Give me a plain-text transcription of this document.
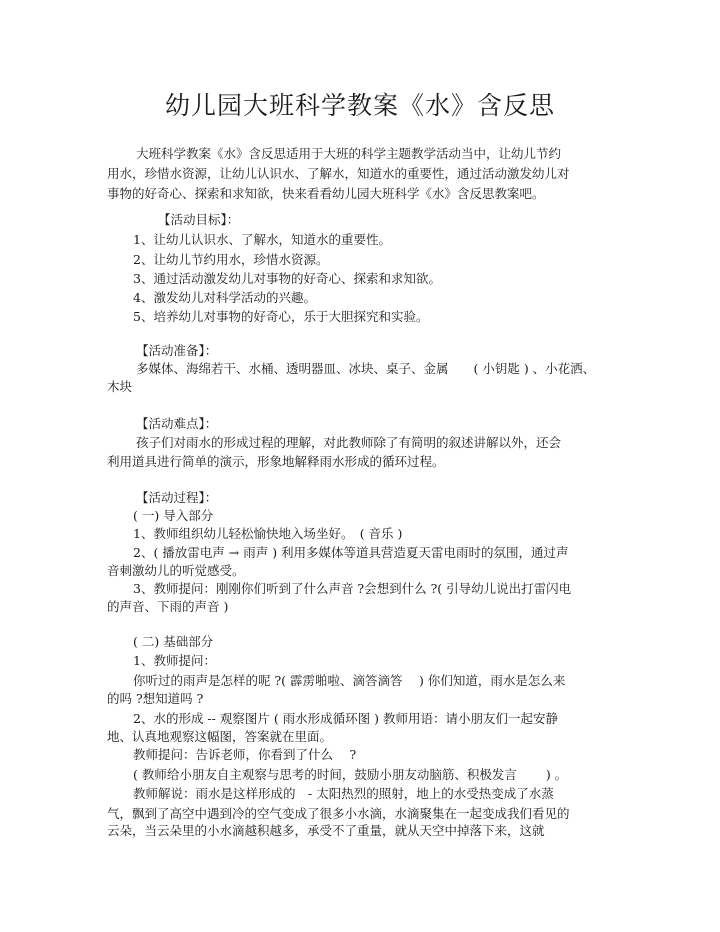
幼儿园大班科学教案《水》含反思
大班科学教案《水》含反思适用于大班的科学主题教学活动当中，让幼儿节约
用水，珍惜水资源，让幼儿认识水、了解水，知道水的重要性，通过活动激发幼儿对
事物的好奇心、探索和求知欲，快来看看幼儿园大班科学《水》含反思教案吧。
【活动目标】：
1、让幼儿认识水、了解水，知道水的重要性。
2、让幼儿节约用水，珍惜水资源。
3、通过活动激发幼儿对事物的好奇心、探索和求知欲。
4、激发幼儿对科学活动的兴趣。
5、培养幼儿对事物的好奇心，乐于大胆探究和实验。
【活动准备】：
多媒体、海绵若干、水桶、透明器皿、冰块、桌子、金属　　( 小钥匙 ) 、小花洒、
木块
【活动难点】：
孩子们对雨水的形成过程的理解，对此教师除了有简明的叙述讲解以外，还会
利用道具进行简单的演示，形象地解释雨水形成的循环过程。
【活动过程】：
( 一) 导入部分
1、教师组织幼儿轻松愉快地入场坐好。　( 音乐 )
2、( 播放雷电声 → 雨声 ) 利用多媒体等道具营造夏天雷电雨时的氛围，通过声
音刺激幼儿的听觉感受。
3、教师提问：刚刚你们听到了什么声音 ?会想到什么 ?( 引导幼儿说出打雷闪电
的声音、下雨的声音 )
( 二) 基础部分
1、教师提问：
你听过的雨声是怎样的呢 ?( 霹雳啪啦、滴答滴答　 ) 你们知道，雨水是怎么来
的吗 ?想知道吗 ?
2、水的形成 -- 观察图片 ( 雨水形成循环图 ) 教师用语：请小朋友们一起安静
地、认真地观察这幅图，答案就在里面。
教师提问：告诉老师，你看到了什么　 ?
( 教师给小朋友自主观察与思考的时间，鼓励小朋友动脑筋、积极发言　　 ) 。
教师解说：雨水是这样形成的　- 太阳热烈的照射，地上的水受热变成了水蒸
气，飘到了高空中遇到冷的空气变成了很多小水滴，水滴聚集在一起变成我们看见的
云朵，当云朵里的小水滴越积越多，承受不了重量，就从天空中掉落下来，这就
